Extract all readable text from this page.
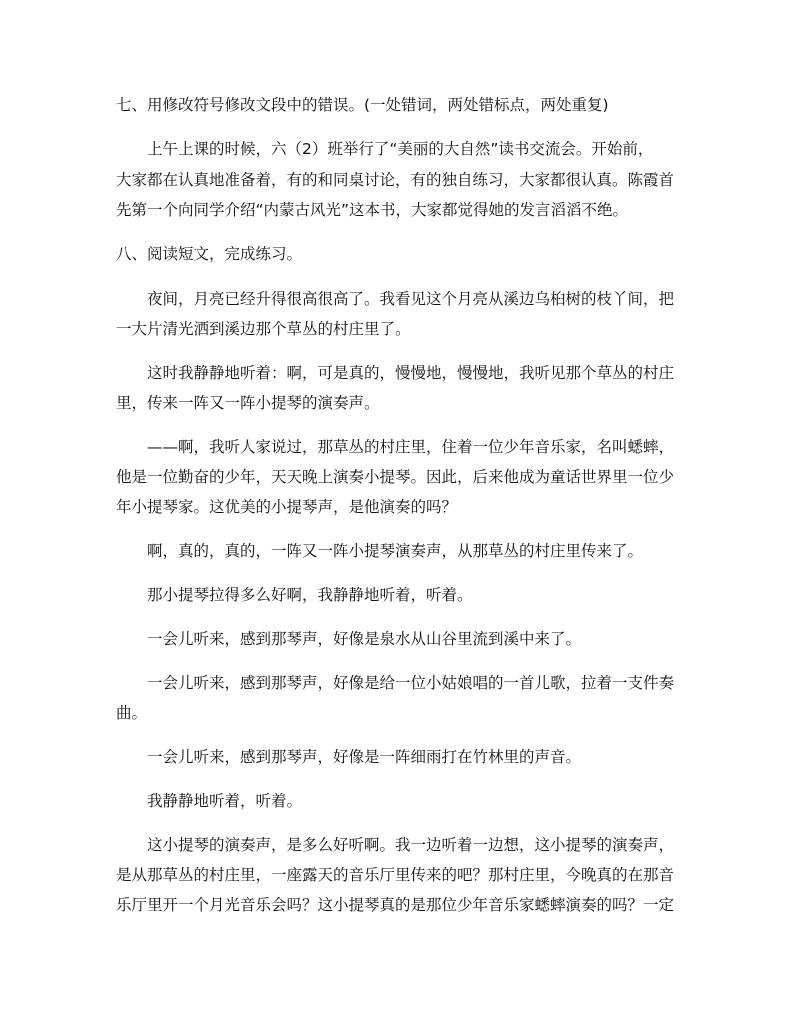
七、用修改符号修改文段中的错误。(一处错词，两处错标点，两处重复)
上午上课的时候，六（2）班举行了“美丽的大自然”读书交流会。开始前，
大家都在认真地准备着，有的和同桌讨论，有的独自练习，大家都很认真。陈霞首
先第一个向同学介绍“内蒙古风光”这本书，大家都觉得她的发言滔滔不绝。
八、阅读短文，完成练习。
夜间，月亮已经升得很高很高了。我看见这个月亮从溪边乌桕树的枝丫间，把
一大片清光洒到溪边那个草丛的村庄里了。
这时我静静地听着：啊，可是真的，慢慢地，慢慢地，我听见那个草丛的村庄
里，传来一阵又一阵小提琴的演奏声。
——啊，我听人家说过，那草丛的村庄里，住着一位少年音乐家，名叫蟋蟀，
他是一位勤奋的少年，天天晚上演奏小提琴。因此，后来他成为童话世界里一位少
年小提琴家。这优美的小提琴声，是他演奏的吗？
啊，真的，真的，一阵又一阵小提琴演奏声，从那草丛的村庄里传来了。
那小提琴拉得多么好啊，我静静地听着，听着。
一会儿听来，感到那琴声，好像是泉水从山谷里流到溪中来了。
一会儿听来，感到那琴声，好像是给一位小姑娘唱的一首儿歌，拉着一支件奏
曲。
一会儿听来，感到那琴声，好像是一阵细雨打在竹林里的声音。
我静静地听着，听着。
这小提琴的演奏声，是多么好听啊。我一边听着一边想，这小提琴的演奏声，
是从那草丛的村庄里，一座露天的音乐厅里传来的吧？那村庄里，今晚真的在那音
乐厅里开一个月光音乐会吗？这小提琴真的是那位少年音乐家蟋蟀演奏的吗？一定
